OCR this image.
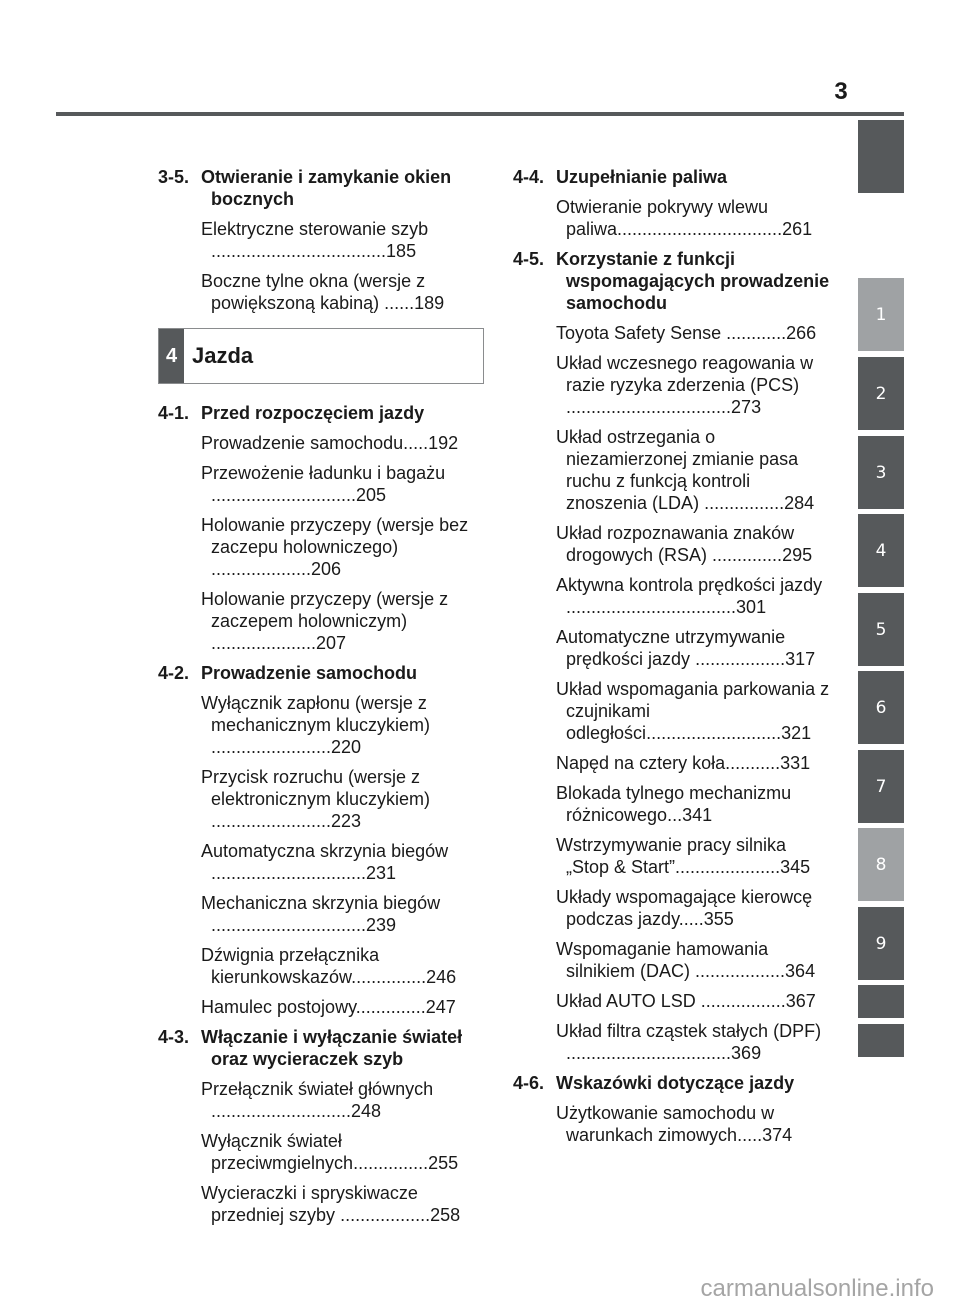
3
1
2
3
4
5
6
7
8
9
3-5. Otwieranie i zamykanie okien bocznych
Elektryczne sterowanie szyb ...................................185
Boczne tylne okna (wersje z powiększoną kabiną) ......189
4 Jazda
4-1. Przed rozpoczęciem jazdy
Prowadzenie samochodu.....192
Przewożenie ładunku i bagażu .............................205
Holowanie przyczepy (wersje bez zaczepu holowniczego) ....................206
Holowanie przyczepy (wersje z zaczepem holowniczym) .....................207
4-2. Prowadzenie samochodu
Wyłącznik zapłonu (wersje z mechanicznym kluczykiem) ........................220
Przycisk rozruchu (wersje z elektronicznym kluczykiem) ........................223
Automatyczna skrzynia biegów ...............................231
Mechaniczna skrzynia biegów ...............................239
Dźwignia przełącznika kierunkowskazów...............246
Hamulec postojowy..............247
4-3. Włączanie i wyłączanie świateł oraz wycieraczek szyb
Przełącznik świateł głównych ............................248
Wyłącznik świateł przeciwmgielnych...............255
Wycieraczki i spryskiwacze przedniej szyby ..................258
4-4. Uzupełnianie paliwa
Otwieranie pokrywy wlewu paliwa.................................261
4-5. Korzystanie z funkcji wspomagających prowadzenie samochodu
Toyota Safety Sense ............266
Układ wczesnego reagowania w razie ryzyka zderzenia (PCS) .................................273
Układ ostrzegania o niezamierzonej zmianie pasa ruchu z funkcją kontroli znoszenia (LDA) ................284
Układ rozpoznawania znaków drogowych (RSA) ..............295
Aktywna kontrola prędkości jazdy ..................................301
Automatyczne utrzymywanie prędkości jazdy ..................317
Układ wspomagania parkowania z czujnikami odległości...........................321
Napęd na cztery koła...........331
Blokada tylnego mechanizmu różnicowego...341
Wstrzymywanie pracy silnika „Stop & Start”.....................345
Układy wspomagające kierowcę podczas jazdy.....355
Wspomaganie hamowania silnikiem (DAC) ..................364
Układ AUTO LSD .................367
Układ filtra cząstek stałych (DPF) .................................369
4-6. Wskazówki dotyczące jazdy
Użytkowanie samochodu w warunkach zimowych.....374
carmanualsonline.info
